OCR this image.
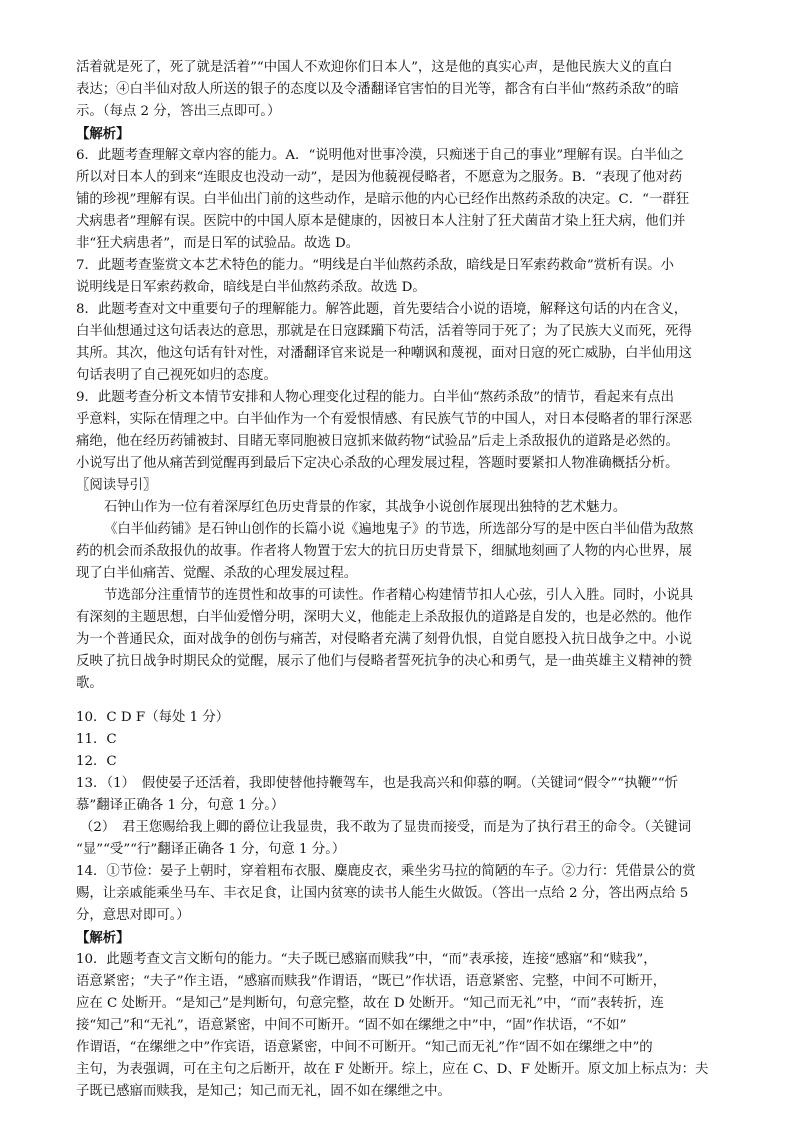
活着就是死了，死了就是活着”“中国人不欢迎你们日本人”，这是他的真实心声，是他民族大义的直白
表达；④白半仙对敌人所送的银子的态度以及令潘翻译官害怕的目光等，都含有白半仙“熬药杀敌”的暗
示。（每点 2 分，答出三点即可。）
【解析】
6．此题考查理解文章内容的能力。A．“说明他对世事冷漠，只痴迷于自己的事业”理解有误。白半仙之
所以对日本人的到来“连眼皮也没动一动”，是因为他藐视侵略者，不愿意为之服务。B．“表现了他对药
铺的珍视”理解有误。白半仙出门前的这些动作，是暗示他的内心已经作出熬药杀敌的决定。C．“一群狂
犬病患者”理解有误。医院中的中国人原本是健康的，因被日本人注射了狂犬菌苗才染上狂犬病，他们并
非“狂犬病患者”，而是日军的试验品。故选 D。
7．此题考查鉴赏文本艺术特色的能力。“明线是白半仙熬药杀敌，暗线是日军索药救命”赏析有误。小
说明线是日军索药救命，暗线是白半仙熬药杀敌。故选 D。
8．此题考查对文中重要句子的理解能力。解答此题，首先要结合小说的语境，解释这句话的内在含义，
白半仙想通过这句话表达的意思，那就是在日寇蹂躏下苟活，活着等同于死了；为了民族大义而死，死得
其所。其次，他这句话有针对性，对潘翻译官来说是一种嘲讽和蔑视，面对日寇的死亡威胁，白半仙用这
句话表明了自己视死如归的态度。
9．此题考查分析文本情节安排和人物心理变化过程的能力。白半仙“熬药杀敌”的情节，看起来有点出
乎意料，实际在情理之中。白半仙作为一个有爱恨情感、有民族气节的中国人，对日本侵略者的罪行深恶
痛绝，他在经历药铺被封、目睹无辜同胞被日寇抓来做药物“试验品”后走上杀敌报仇的道路是必然的。
小说写出了他从痛苦到觉醒再到最后下定决心杀敌的心理发展过程，答题时要紧扣人物准确概括分析。
〖阅读导引〗
石钟山作为一位有着深厚红色历史背景的作家，其战争小说创作展现出独特的艺术魅力。
《白半仙药铺》是石钟山创作的长篇小说《遍地鬼子》的节选，所选部分写的是中医白半仙借为敌熬
药的机会而杀敌报仇的故事。作者将人物置于宏大的抗日历史背景下，细腻地刻画了人物的内心世界，展
现了白半仙痛苦、觉醒、杀敌的心理发展过程。
节选部分注重情节的连贯性和故事的可读性。作者精心构建情节扣人心弦，引人入胜。同时，小说具
有深刻的主题思想，白半仙爱憎分明，深明大义，他能走上杀敌报仇的道路是自发的，也是必然的。他作
为一个普通民众，面对战争的创伤与痛苦，对侵略者充满了刻骨仇恨，自觉自愿投入抗日战争之中。小说
反映了抗日战争时期民众的觉醒，展示了他们与侵略者誓死抗争的决心和勇气，是一曲英雄主义精神的赞
歌。
10．C D F（每处 1 分）
11．C
12．C
13．（1）　假使晏子还活着，我即使替他持鞭驾车，也是我高兴和仰慕的啊。（关键词“假令”“执鞭”“忻
慕”翻译正确各 1 分，句意 1 分。）
（2）　君王您赐给我上卿的爵位让我显贵，我不敢为了显贵而接受，而是为了执行君王的命令。（关键词
“显”“受”“行”翻译正确各 1 分，句意 1 分。）
14．①节俭：晏子上朝时，穿着粗布衣服、麋鹿皮衣，乘坐劣马拉的简陋的车子。②力行：凭借景公的赏
赐，让亲戚能乘坐马车、丰衣足食，让国内贫寒的读书人能生火做饭。（答出一点给 2 分，答出两点给 5
分，意思对即可。）
【解析】
10．此题考查文言文断句的能力。“夫子既已感寤而赎我”中，“而”表承接，连接“感寤”和“赎我”，
语意紧密；“夫子”作主语，“感寤而赎我”作谓语，“既已”作状语，语意紧密、完整，中间不可断开，
应在 C 处断开。“是知己”是判断句，句意完整，故在 D 处断开。“知己而无礼”中，“而”表转折，连
接“知己”和“无礼”，语意紧密，中间不可断开。“固不如在缧绁之中”中，“固”作状语，“不如”
作谓语，“在缧绁之中”作宾语，语意紧密，中间不可断开。“知己而无礼”作“固不如在缧绁之中”的
主句，为表强调，可在主句之后断开，故在 F 处断开。综上，应在 C、D、F 处断开。原文加上标点为：夫
子既已感寤而赎我，是知己；知己而无礼，固不如在缧绁之中。
